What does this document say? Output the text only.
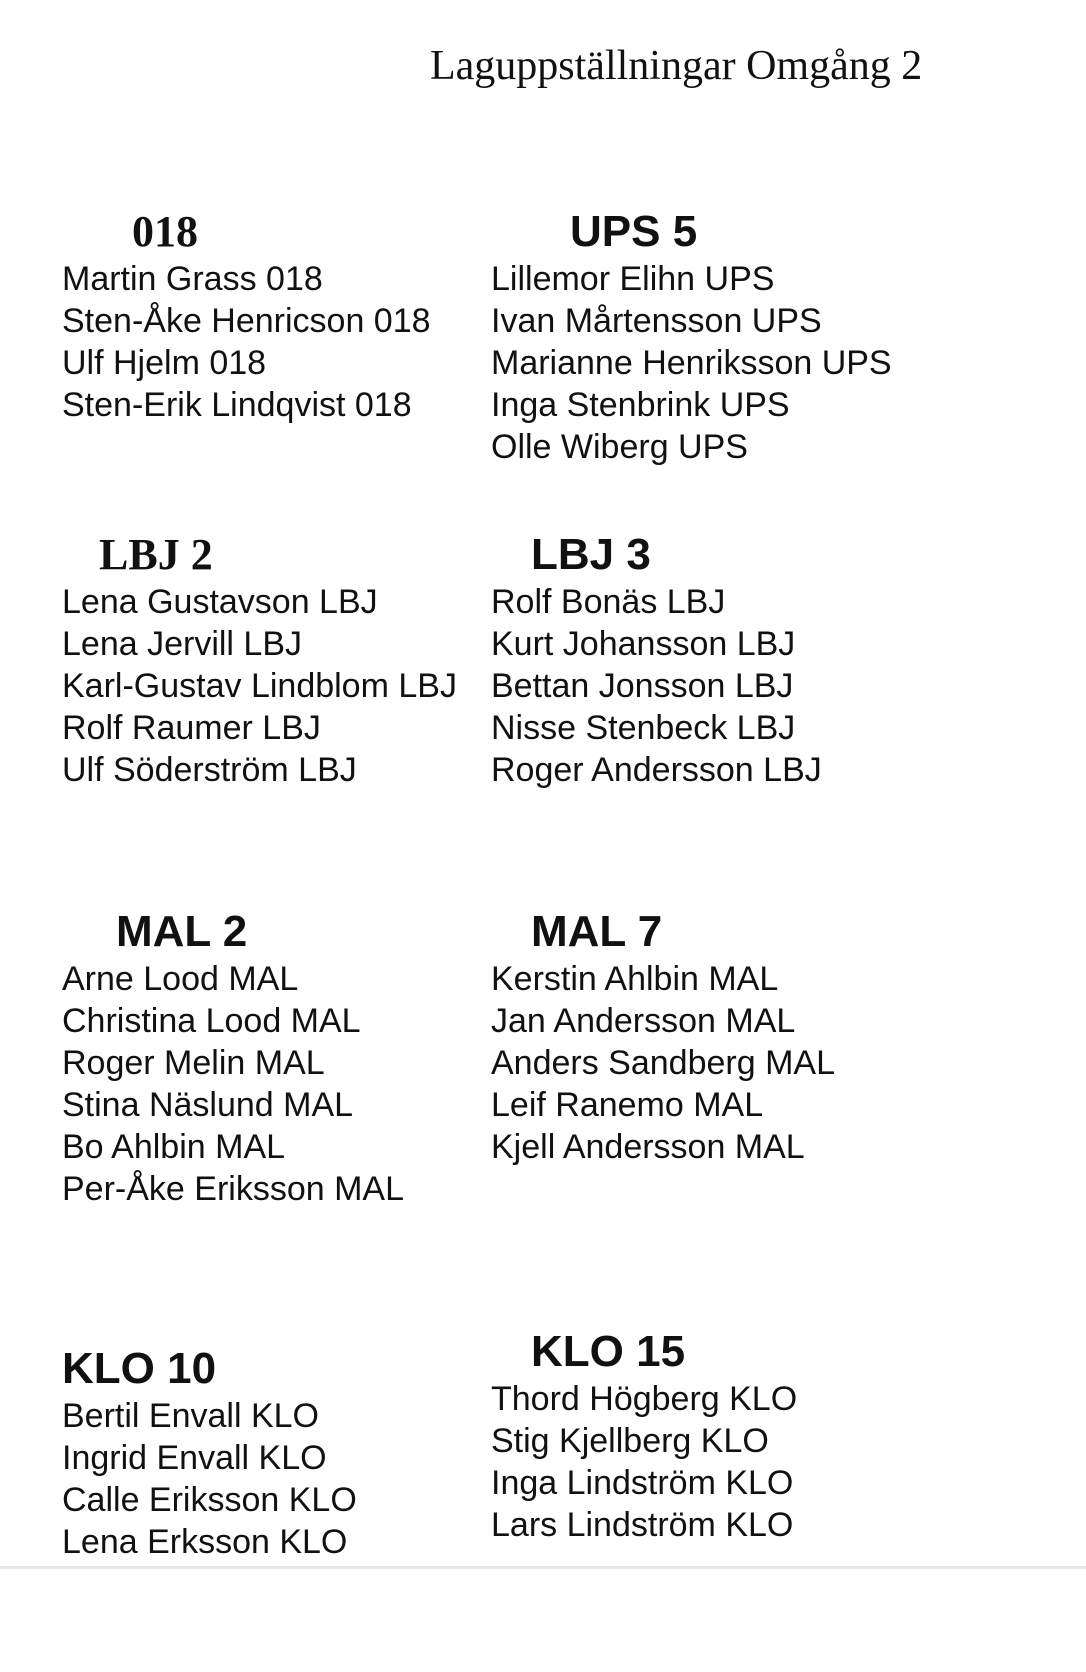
Laguppställningar Omgång 2
018
Martin Grass 018
Sten-Åke Henricson 018
Ulf Hjelm 018
Sten-Erik Lindqvist 018
UPS 5
Lillemor Elihn UPS
Ivan Mårtensson UPS
Marianne Henriksson UPS
Inga Stenbrink UPS
Olle Wiberg UPS
LBJ 2
Lena Gustavson LBJ
Lena Jervill LBJ
Karl-Gustav Lindblom LBJ
Rolf Raumer LBJ
Ulf Söderström LBJ
LBJ 3
Rolf Bonäs LBJ
Kurt Johansson LBJ
Bettan Jonsson LBJ
Nisse Stenbeck LBJ
Roger Andersson LBJ
MAL 2
Arne Lood MAL
Christina Lood MAL
Roger Melin MAL
Stina Näslund MAL
Bo Ahlbin MAL
Per-Åke Eriksson MAL
MAL 7
Kerstin Ahlbin MAL
Jan Andersson MAL
Anders Sandberg MAL
Leif Ranemo MAL
Kjell Andersson MAL
KLO 10
Bertil Envall KLO
Ingrid Envall KLO
Calle Eriksson KLO
Lena Erksson KLO
KLO 15
Thord Högberg KLO
Stig Kjellberg KLO
Inga Lindström KLO
Lars Lindström KLO
